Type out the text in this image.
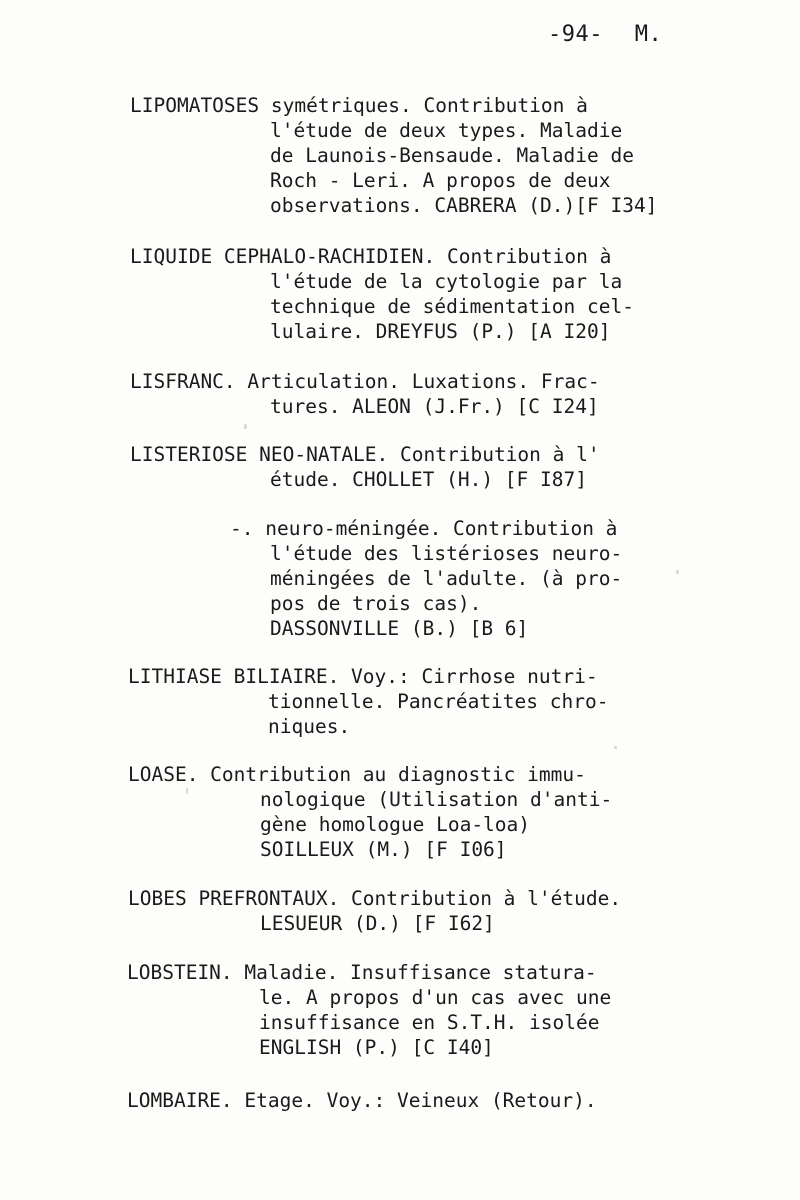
-94- M.
LIPOMATOSES symétriques. Contribution à
l'étude de deux types. Maladie
de Launois-Bensaude. Maladie de
Roch - Leri. A propos de deux
observations. CABRERA (D.)[F I34]
LIQUIDE CEPHALO-RACHIDIEN. Contribution à
l'étude de la cytologie par la
technique de sédimentation cel-
lulaire. DREYFUS (P.) [A I20]
LISFRANC. Articulation. Luxations. Frac-
tures. ALEON (J.Fr.) [C I24]
LISTERIOSE NEO-NATALE. Contribution à l'
étude. CHOLLET (H.) [F I87]
-. neuro-méningée. Contribution à
l'étude des listérioses neuro-
méningées de l'adulte. (à pro-
pos de trois cas).
DASSONVILLE (B.) [B 6]
LITHIASE BILIAIRE. Voy.: Cirrhose nutri-
tionnelle. Pancréatites chro-
niques.
LOASE. Contribution au diagnostic immu-
nologique (Utilisation d'anti-
gène homologue Loa-loa)
SOILLEUX (M.) [F I06]
LOBES PREFRONTAUX. Contribution à l'étude.
LESUEUR (D.) [F I62]
LOBSTEIN. Maladie. Insuffisance statura-
le. A propos d'un cas avec une
insuffisance en S.T.H. isolée
ENGLISH (P.) [C I40]
LOMBAIRE. Etage. Voy.: Veineux (Retour).
